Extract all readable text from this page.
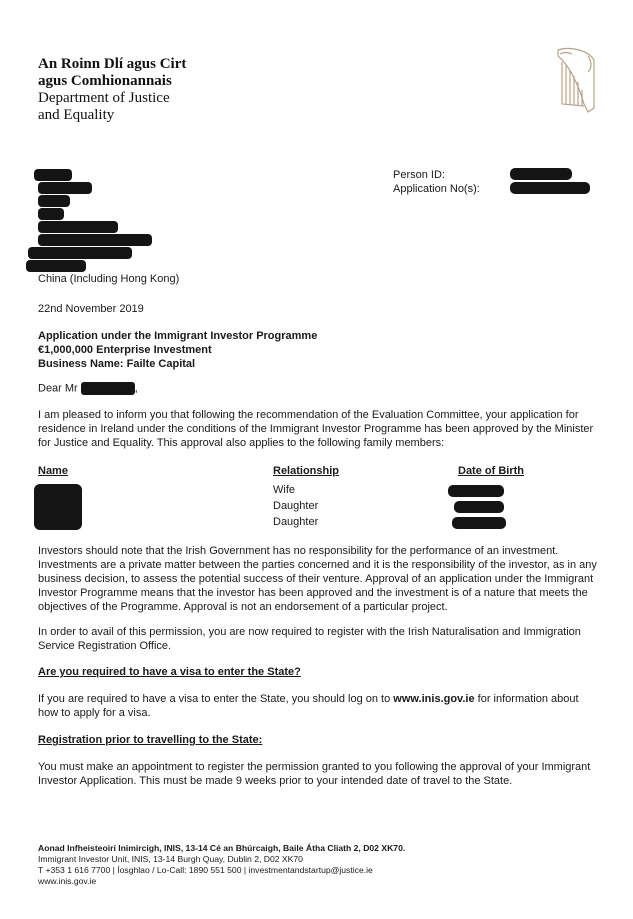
An Roinn Dlí agus Cirt
agus Comhionannais
Department of Justice
and Equality
China (Including Hong Kong)
Person ID:
Application No(s):
22nd November 2019
Application under the Immigrant Investor Programme
€1,000,000 Enterprise Investment
Business Name: Failte Capital
Dear Mr	,
I am pleased to inform you that following the recommendation of the Evaluation Committee, your application for residence in Ireland under the conditions of the Immigrant Investor Programme has been approved by the Minister for Justice and Equality. This approval also applies to the following family members:
Name	Relationship	Date of Birth
Wife
Daughter
Daughter
Investors should note that the Irish Government has no responsibility for the performance of an investment. Investments are a private matter between the parties concerned and it is the responsibility of the investor, as in any business decision, to assess the potential success of their venture. Approval of an application under the Immigrant Investor Programme means that the investor has been approved and the investment is of a nature that meets the objectives of the Programme. Approval is not an endorsement of a particular project.
In order to avail of this permission, you are now required to register with the Irish Naturalisation and Immigration Service Registration Office.
Are you required to have a visa to enter the State?
If you are required to have a visa to enter the State, you should log on to www.inis.gov.ie for information about how to apply for a visa.
Registration prior to travelling to the State:
You must make an appointment to register the permission granted to you following the approval of your Immigrant Investor Application. This must be made 9 weeks prior to your intended date of travel to the State.
Aonad Infheisteoirí Inimircigh, INIS, 13-14 Cé an Bhúrcaigh, Baile Átha Cliath 2, D02 XK70.
Immigrant Investor Unit, INIS, 13-14 Burgh Quay, Dublin 2, D02 XK70
T +353 1 616 7700 | Íosghlao / Lo-Call: 1890 551 500 | investmentandstartup@justice.ie
www.inis.gov.ie
